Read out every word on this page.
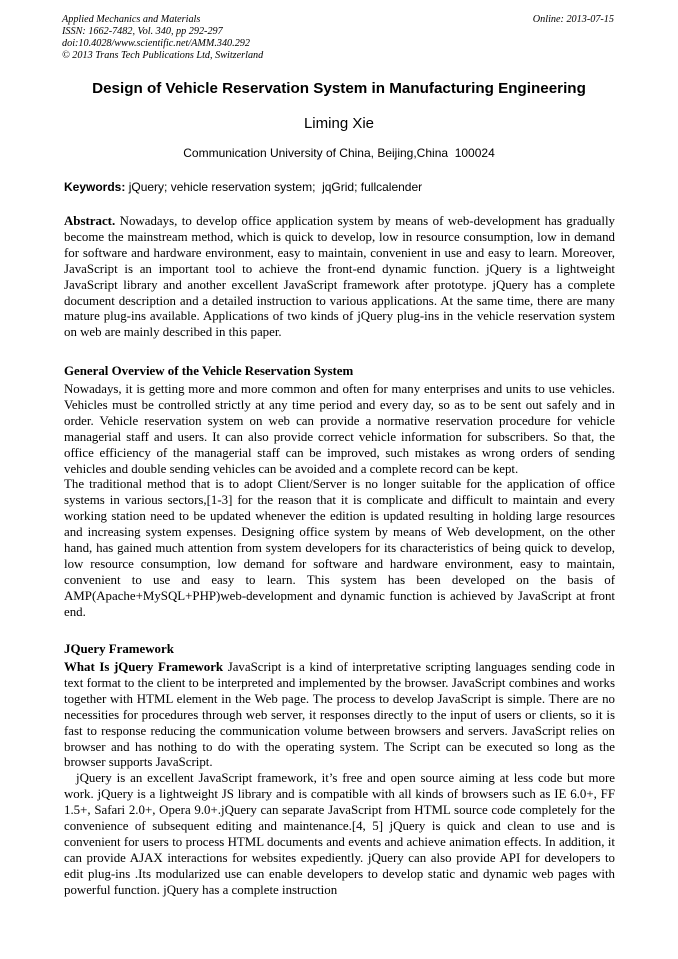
Applied Mechanics and Materials
ISSN: 1662-7482, Vol. 340, pp 292-297
doi:10.4028/www.scientific.net/AMM.340.292
© 2013 Trans Tech Publications Ltd, Switzerland
Online: 2013-07-15
Design of Vehicle Reservation System in Manufacturing Engineering
Liming Xie
Communication University of China, Beijing,China  100024
Keywords: jQuery; vehicle reservation system;  jqGrid; fullcalender

Abstract. Nowadays, to develop office application system by means of web-development has gradually become the mainstream method, which is quick to develop, low in resource consumption, low in demand for software and hardware environment, easy to maintain, convenient in use and easy to learn. Moreover, JavaScript is an important tool to achieve the front-end dynamic function. jQuery is a lightweight JavaScript library and another excellent JavaScript framework after prototype. jQuery has a complete document description and a detailed instruction to various applications. At the same time, there are many mature plug-ins available. Applications of two kinds of jQuery plug-ins in the vehicle reservation system on web are mainly described in this paper.

General Overview of the Vehicle Reservation System

Nowadays, it is getting more and more common and often for many enterprises and units to use vehicles. Vehicles must be controlled strictly at any time period and every day, so as to be sent out safely and in order. Vehicle reservation system on web can provide a normative reservation procedure for vehicle managerial staff and users. It can also provide correct vehicle information for subscribers. So that, the office efficiency of the managerial staff can be improved, such mistakes as wrong orders of sending vehicles and double sending vehicles can be avoided and a complete record can be kept.

The traditional method that is to adopt Client/Server is no longer suitable for the application of office systems in various sectors,[1-3] for the reason that it is complicate and difficult to maintain and every working station need to be updated whenever the edition is updated resulting in holding large resources and increasing system expenses. Designing office system by means of Web development, on the other hand, has gained much attention from system developers for its characteristics of being quick to develop, low resource consumption, low demand for software and hardware environment, easy to maintain, convenient to use and easy to learn. This system has been developed on the basis of AMP(Apache+MySQL+PHP)web-development and dynamic function is achieved by JavaScript at front end.

JQuery Framework

What Is jQuery Framework JavaScript is a kind of interpretative scripting languages sending code in text format to the client to be interpreted and implemented by the browser. JavaScript combines and works together with HTML element in the Web page. The process to develop JavaScript is simple. There are no necessities for procedures through web server, it responses directly to the input of users or clients, so it is fast to response reducing the communication volume between browsers and servers. JavaScript relies on browser and has nothing to do with the operating system. The Script can be executed so long as the browser supports JavaScript.

jQuery is an excellent JavaScript framework, it’s free and open source aiming at less code but more work. jQuery is a lightweight JS library and is compatible with all kinds of browsers such as IE 6.0+, FF 1.5+, Safari 2.0+, Opera 9.0+.jQuery can separate JavaScript from HTML source code completely for the convenience of subsequent editing and maintenance.[4, 5] jQuery is quick and clean to use and is convenient for users to process HTML documents and events and achieve animation effects. In addition, it can provide AJAX interactions for websites expediently. jQuery can also provide API for developers to edit plug-ins .Its modularized use can enable developers to develop static and dynamic web pages with powerful function. jQuery has a complete instruction
